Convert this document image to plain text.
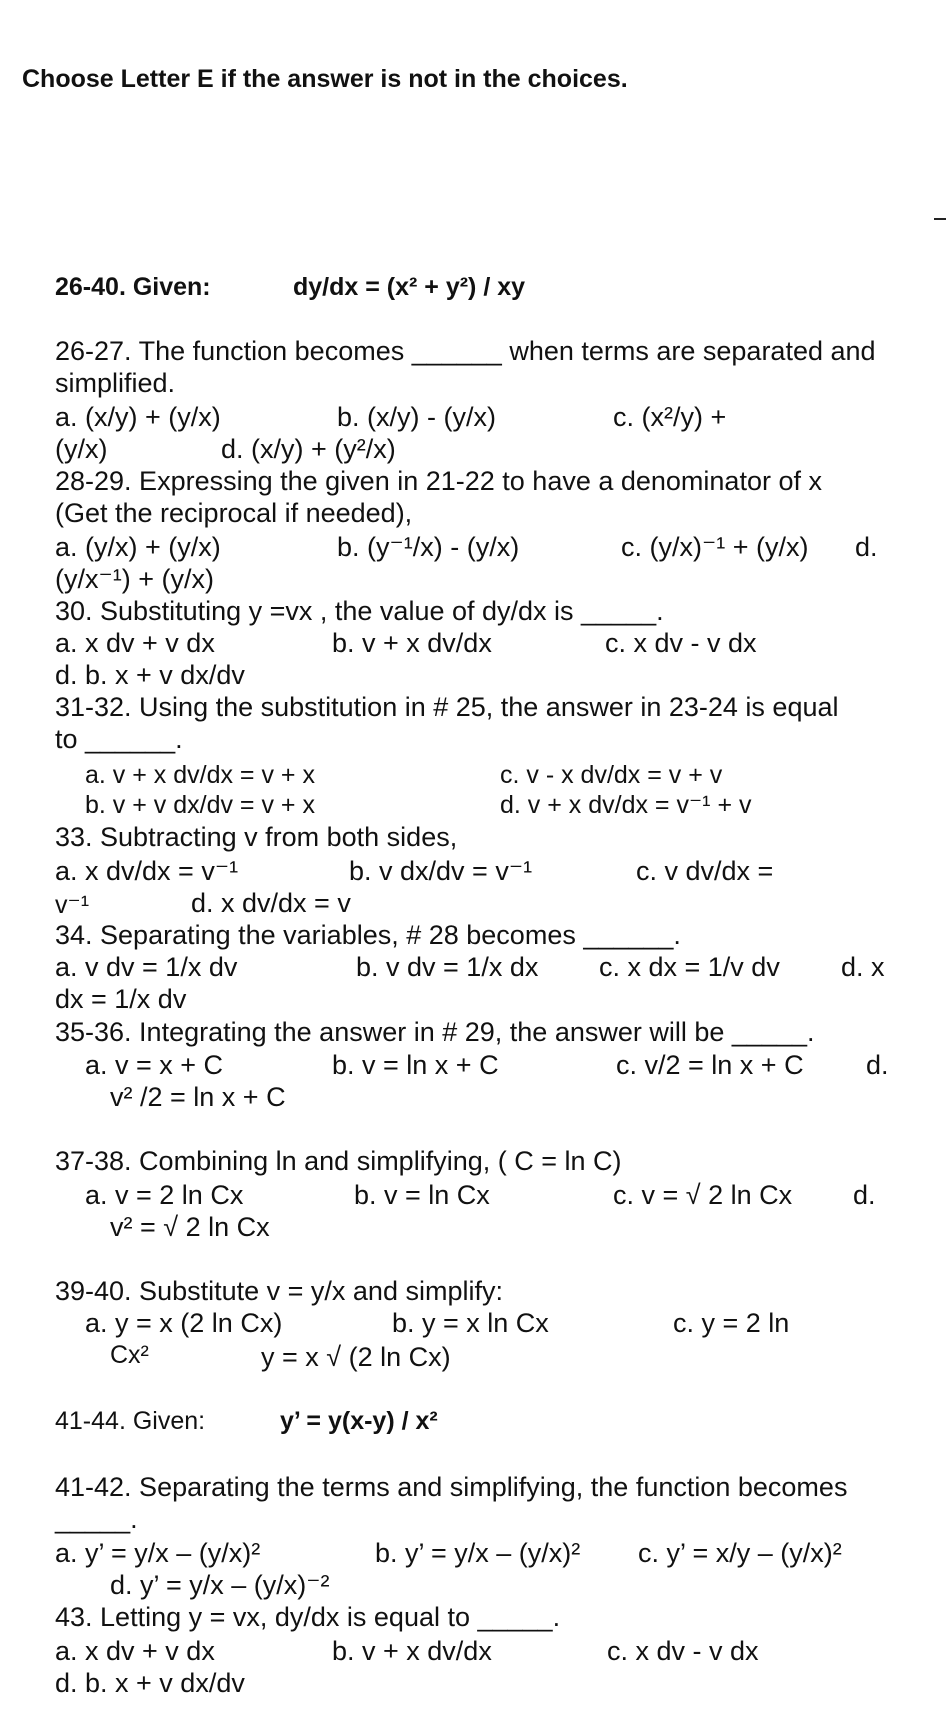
Choose Letter E if the answer is not in the choices.
26-40. Given:	dy/dx = (x² + y²) / xy
26-27. The function becomes ______ when terms are separated and
simplified.
a. (x/y) + (y/x)	b. (x/y) - (y/x)	c. (x²/y) +
(y/x)	d. (x/y) + (y²/x)
28-29. Expressing the given in 21-22 to have a denominator of x
(Get the reciprocal if needed),
a. (y/x) + (y/x)	b. (y⁻¹/x) - (y/x)	c. (y/x)⁻¹ + (y/x) d.
(y/x⁻¹) + (y/x)
30. Substituting y =vx , the value of dy/dx is _____.
a. x dv + v dx	b. v + x dv/dx	c. x dv - v dx
d. b. x + v dx/dv
31-32. Using the substitution in # 25, the answer in 23-24 is equal
to ______.
a. v + x dv/dx = v + x	c. v - x dv/dx = v + v
b. v + v dx/dv = v + x	d. v + x dv/dx = v⁻¹ + v
33. Subtracting v from both sides,
a. x dv/dx = v⁻¹	b. v dx/dv = v⁻¹	c. v dv/dx =
v⁻¹	d. x dv/dx = v
34. Separating the variables, # 28 becomes ______.
a. v dv = 1/x dv	b. v dv = 1/x dx c. x dx = 1/v dv d. x
dx = 1/x dv
35-36. Integrating the answer in # 29, the answer will be _____.
a. v = x + C	b. v = ln x + C	c. v/2 = ln x + C d.
v² /2 = ln x + C
37-38. Combining ln and simplifying, ( C = ln C)
a. v = 2 ln Cx	b. v = ln Cx	c. v = √ 2 ln Cx d.
v² = √ 2 ln Cx
39-40. Substitute v = y/x and simplify:
a. y = x (2 ln Cx)	b. y = x ln Cx	c. y = 2 ln
Cx²	y = x √ (2 ln Cx)
41-44. Given:	y’ = y(x-y) / x²
41-42. Separating the terms and simplifying, the function becomes
_____.
a. y’ = y/x – (y/x)²	b. y’ = y/x – (y/x)² c. y’ = x/y – (y/x)²
d. y’ = y/x – (y/x)⁻²
43. Letting y = vx, dy/dx is equal to _____.
a. x dv + v dx	b. v + x dv/dx	c. x dv - v dx
d. b. x + v dx/dv
